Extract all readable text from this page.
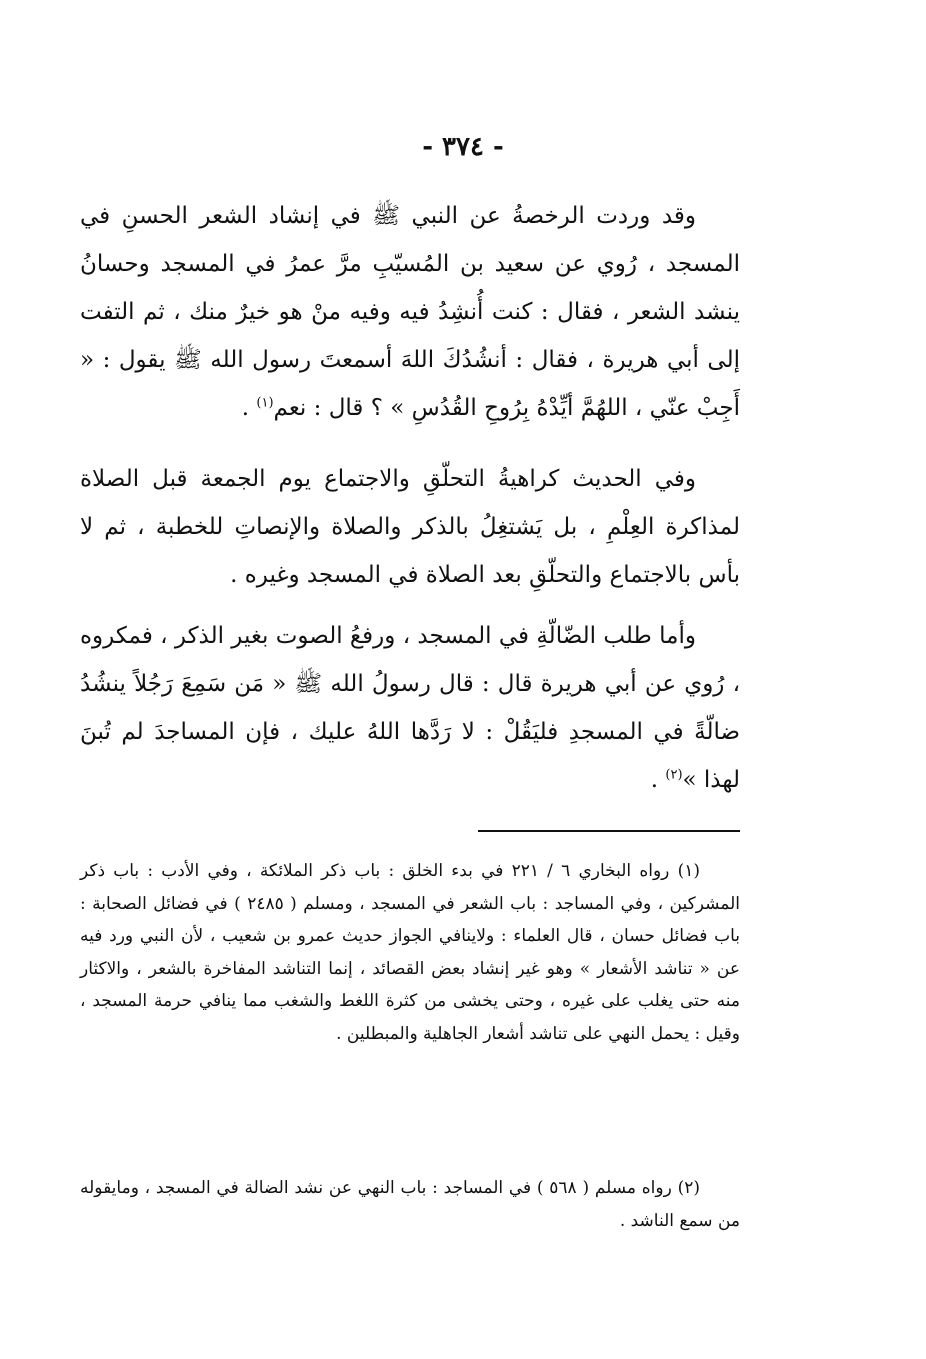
- ٣٧٤ -

وقد وردت الرخصةُ عن النبي ﷺ في إنشاد الشعر الحسنِ في المسجد ، رُوي عن سعيد بن المُسيّبِ مرَّ عمرُ في المسجد وحسانُ ينشد الشعر ، فقال : كنت أُنشِدُ فيه وفيه منْ هو خيرٌ منك ، ثم التفت إلى أبي هريرة ، فقال : أنشُدُكَ اللهَ أسمعتَ رسول الله ﷺ يقول : « أَجِبْ عنّي ، اللهُمَّ أيِّدْهُ بِرُوحِ القُدُسِ » ؟ قال : نعم$^{(١)}$ .

وفي الحديث كراهيةُ التحلّقِ والاجتماع يوم الجمعة قبل الصلاة لمذاكرة العِلْمِ ، بل يَشتغِلُ بالذكر والصلاة والإنصاتِ للخطبة ، ثم لا بأس بالاجتماع والتحلّقِ بعد الصلاة في المسجد وغيره .

وأما طلب الضّالّةِ في المسجد ، ورفعُ الصوت بغير الذكر ، فمكروه ، رُوي عن أبي هريرة قال : قال رسولُ الله ﷺ « مَن سَمِعَ رَجُلاً ينشُدُ ضالّةً في المسجدِ فليَقُلْ : لا رَدَّها اللهُ عليك ، فإن المساجدَ لم تُبنَ لهذا »$^{(٢)}$ .

(١) رواه البخاري ٦ / ٢٢١ في بدء الخلق : باب ذكر الملائكة ، وفي الأدب : باب ذكر المشركين ، وفي المساجد : باب الشعر في المسجد ، ومسلم ( ٢٤٨٥ ) في فضائل الصحابة : باب فضائل حسان ، قال العلماء : ولاينافي الجواز حديث عمرو بن شعيب ، لأن النبي ورد فيه عن « تناشد الأشعار » وهو غير إنشاد بعض القصائد ، إنما التناشد المفاخرة بالشعر ، والاكثار منه حتى يغلب على غيره ، وحتى يخشى من كثرة اللغط والشغب مما ينافي حرمة المسجد ، وقيل : يحمل النهي على تناشد أشعار الجاهلية والمبطلين .

(٢) رواه مسلم ( ٥٦٨ ) في المساجد : باب النهي عن نشد الضالة في المسجد ، ومايقوله من سمع الناشد .
